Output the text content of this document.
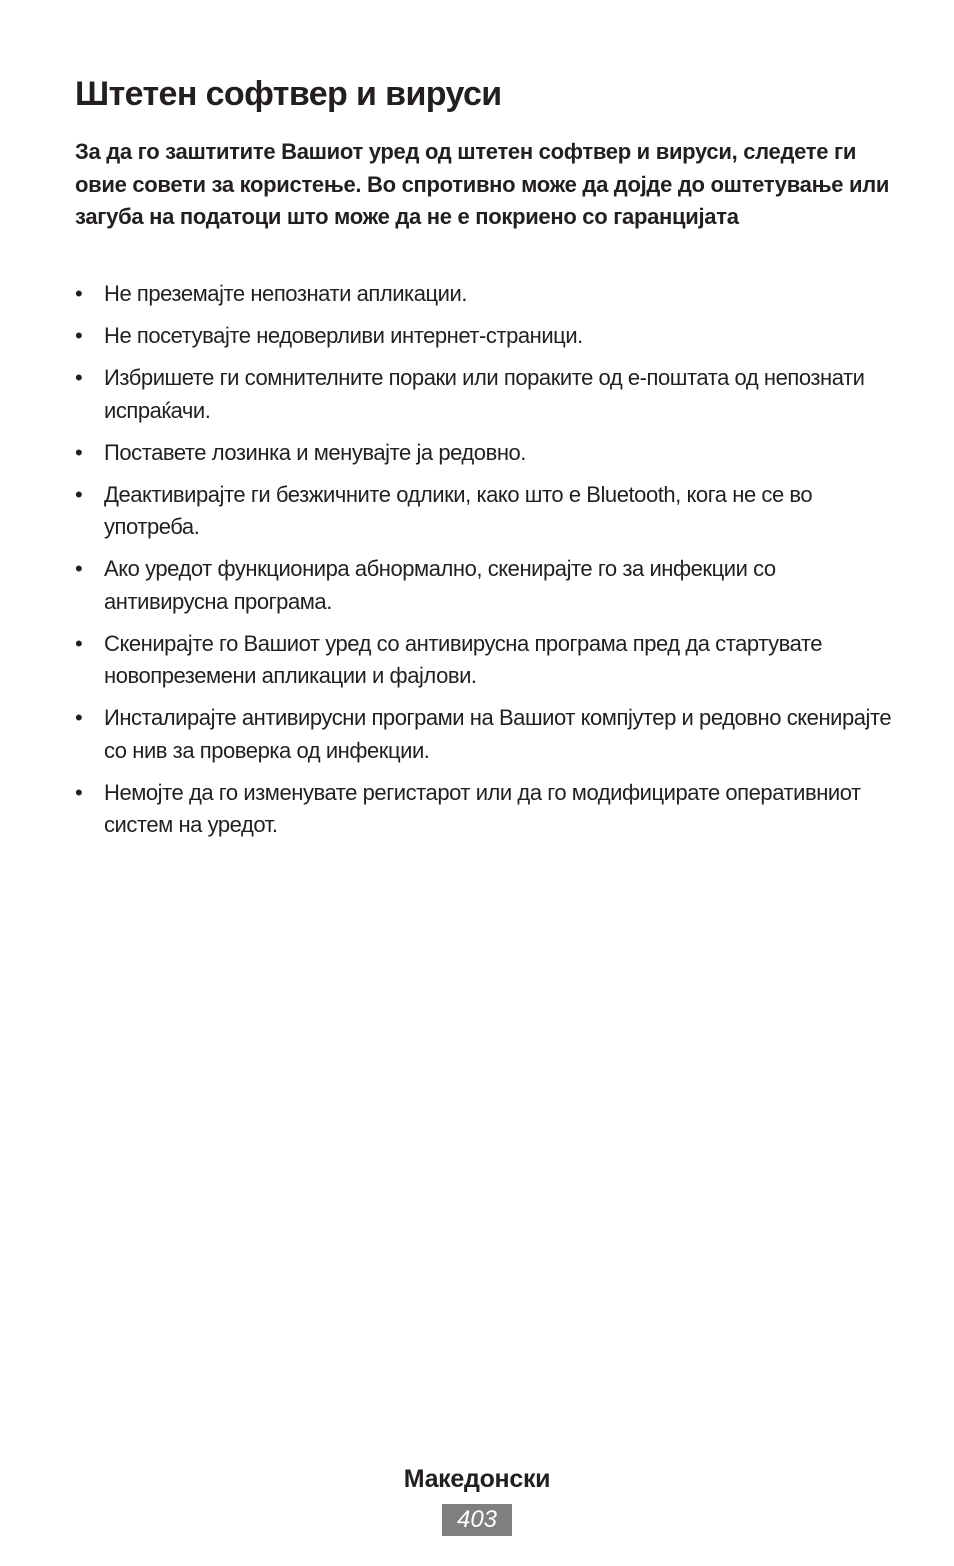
Штетен софтвер и вируси

За да го заштитите Вашиот уред од штетен софтвер и вируси, следете ги овие совети за користење. Во спротивно може да дојде до оштетување или загуба на податоци што може да не е покриено со гаранцијата

• Не преземајте непознати апликации.
• Не посетувајте недоверливи интернет-страници.
• Избришете ги сомнителните пораки или пораките од е-поштата од непознати испраќачи.
• Поставете лозинка и менувајте ја редовно.
• Деактивирајте ги безжичните одлики, како што е Bluetooth, кога не се во употреба.
• Ако уредот функционира абнормално, скенирајте го за инфекции со антивирусна програма.
• Скенирајте го Вашиот уред со антивирусна програма пред да стартувате новопреземени апликации и фајлови.
• Инсталирајте антивирусни програми на Вашиот компјутер и редовно скенирајте со нив за проверка од инфекции.
• Немојте да го изменувате регистарот или да го модифицирате оперативниот систем на уредот.
Македонски
403
